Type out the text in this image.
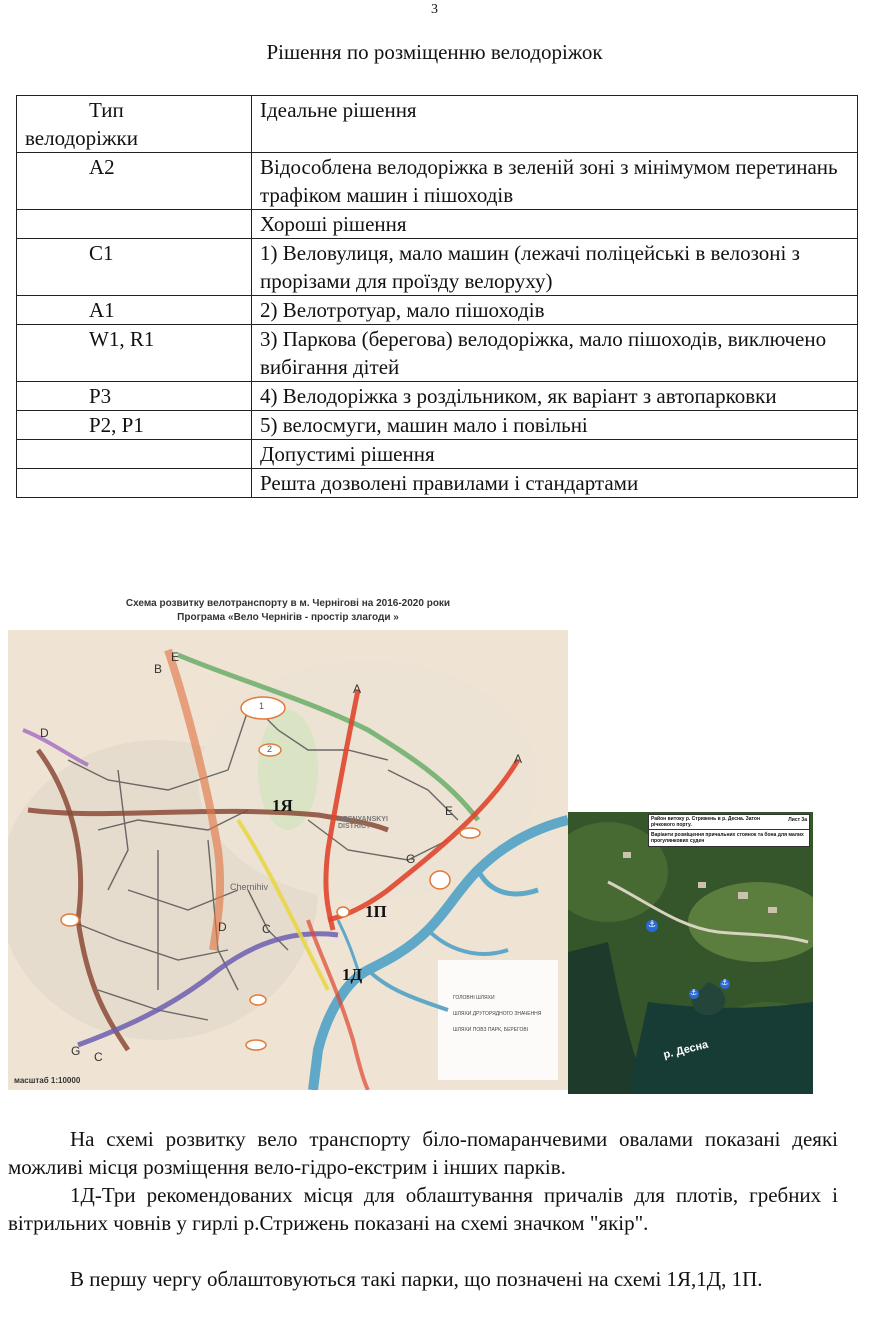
3
Рішення по розміщенню велодоріжок
Тип
велодоріжки	Ідеальне рішення

A2	Відособлена велодоріжка в зеленій зоні з мінімумом перетинань трафіком машин і пішоходів

	Хороші рішення

C1	1) Веловулиця, мало машин (лежачі поліцейські в велозоні з прорізами для проїзду велоруху)

A1	2) Велотротуар, мало пішоходів

W1, R1	3) Паркова (берегова) велодоріжка, мало пішоходів, виключено вибігання дітей

P3	4) Велодоріжка з роздільником, як варіант з автопарковки

P2, P1	5) велосмуги, машин мало і повільні

	Допустимі рішення

	Решта дозволені правилами і стандартами
Схема розвитку велотранспорту в м. Чернігові на 2016-2020 роки
Програма «Вело Чернігів - простір злагоди »
1Я
1П
1Д
1
2
B
E
A
A
D
E
G
D	C
G C
DESNYANSKYI DISTRICT
Chernihiv
масштаб 1:10000
ГОЛОВНІ ШЛЯХИ
ШЛЯХИ ДРУГОРЯДНОГО ЗНАЧЕННЯ
ШЛЯХИ ПОВЗ ПАРК, БЕРЕГОВІ
⚓
⚓
⚓
Район витоку р. Стрижень в р. Десна. Затон річкового порту.
Лист 3а
Варіанти розміщення причальних стоянок та бона для малих прогулянкових суден
р. Десна
На схемі розвитку вело транспорту біло-помаранчевими овалами показані деякі можливі місця розміщення вело-гідро-екстрим і інших парків.
1Д-Три рекомендованих місця для облаштування причалів для плотів, гребних і вітрильних човнів у гирлі р.Стрижень показані на схемі значком "якір".
В першу чергу облаштовуються такі парки, що позначені на схемі 1Я,1Д, 1П.
